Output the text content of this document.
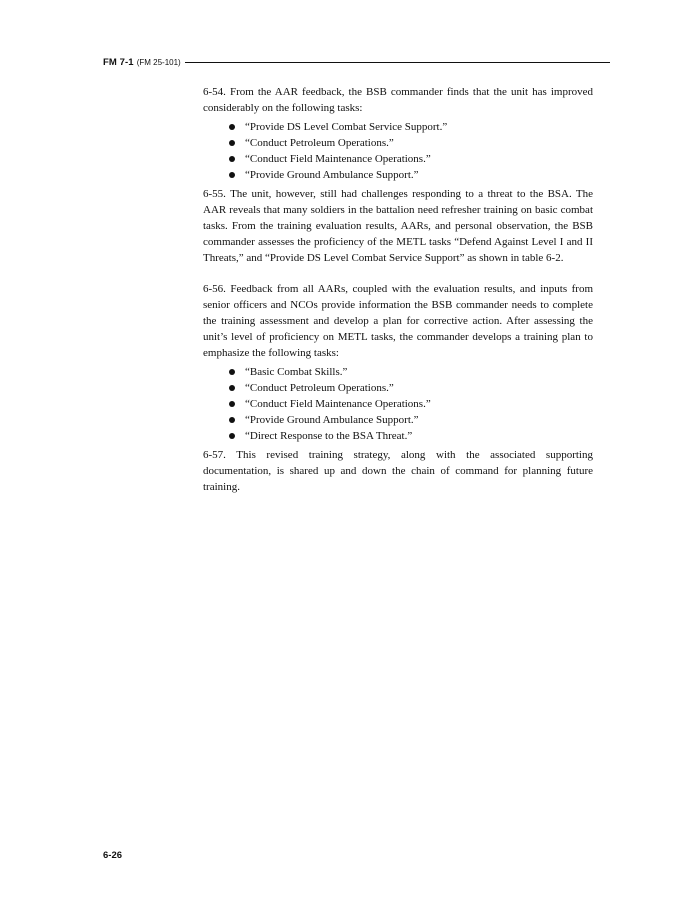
FM 7-1 (FM 25-101)

6-54. From the AAR feedback, the BSB commander finds that the unit has improved considerably on the following tasks:

“Provide DS Level Combat Service Support.”
“Conduct Petroleum Operations.”
“Conduct Field Maintenance Operations.”
“Provide Ground Ambulance Support.”

6-55. The unit, however, still had challenges responding to a threat to the BSA. The AAR reveals that many soldiers in the battalion need refresher training on basic combat tasks. From the training evaluation results, AARs, and personal observation, the BSB commander assesses the proficiency of the METL tasks “Defend Against Level I and II Threats,” and “Provide DS Level Combat Service Support” as shown in table 6-2.

6-56. Feedback from all AARs, coupled with the evaluation results, and inputs from senior officers and NCOs provide information the BSB commander needs to complete the training assessment and develop a plan for corrective action. After assessing the unit’s level of proficiency on METL tasks, the commander develops a training plan to emphasize the following tasks:

“Basic Combat Skills.”
“Conduct Petroleum Operations.”
“Conduct Field Maintenance Operations.”
“Provide Ground Ambulance Support.”
“Direct Response to the BSA Threat.”

6-57. This revised training strategy, along with the associated supporting documentation, is shared up and down the chain of command for planning future training.

6-26
